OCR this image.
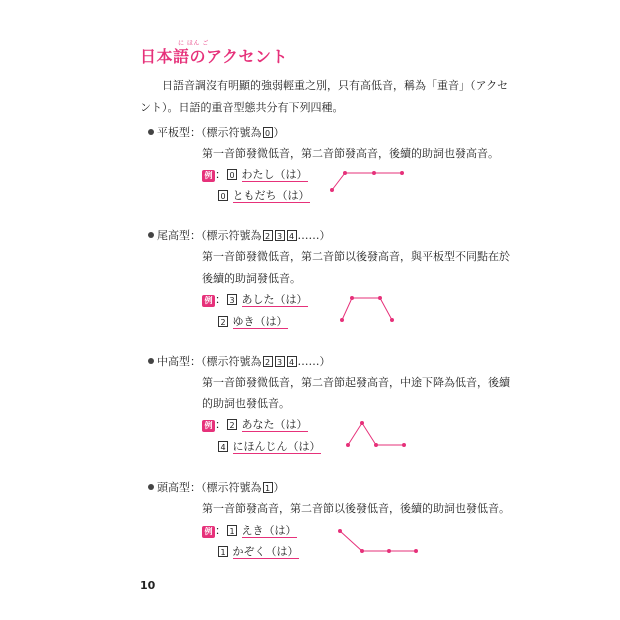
に ほん ご
日本語のアクセント
日語音調沒有明顯的強弱輕重之別，只有高低音，稱為「重音」（アクセ
ント）。日語的重音型態共分有下列四種。
平板型：（標示符號為 0 ）
第一音節發微低音，第二音節發高音，後續的助詞也發高音。
例 ： 0 わたし（は）
0 ともだち（は）
尾高型：（標示符號為 2 3 4 ……）
第一音節發微低音，第二音節以後發高音，與平板型不同點在於
後續的助詞發低音。
例 ： 3 あした（は）
2 ゆき（は）
中高型：（標示符號為 2 3 4 ……）
第一音節發微低音，第二音節起發高音，中途下降為低音，後續
的助詞也發低音。
例 ： 2 あなた（は）
4 にほんじん（は）
頭高型：（標示符號為 1 ）
第一音節發高音，第二音節以後發低音，後續的助詞也發低音。
例 ： 1 えき（は）
1 かぞく（は）
10
